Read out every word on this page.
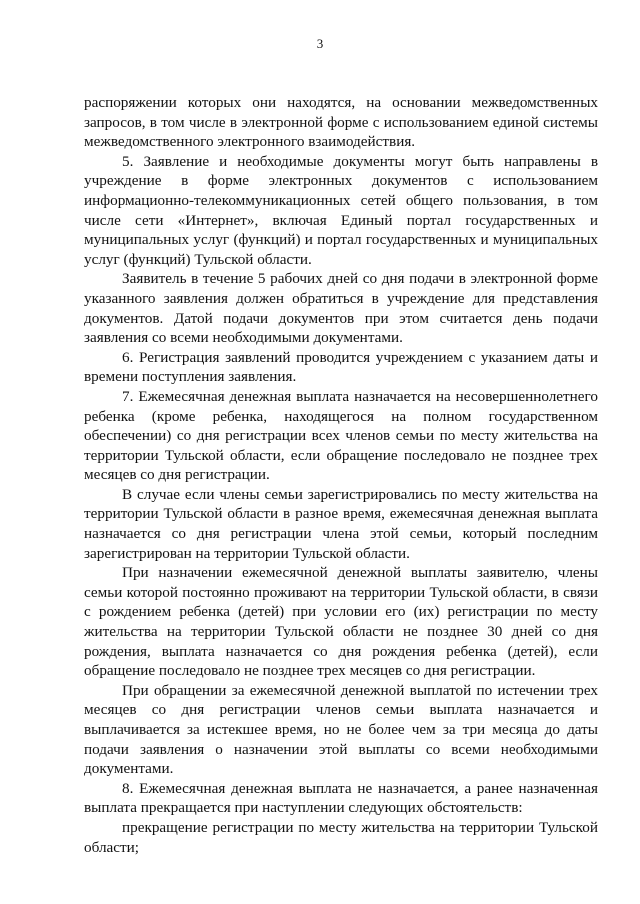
3

распоряжении которых они находятся, на основании межведомственных запросов, в том числе в электронной форме с использованием единой системы межведомственного электронного взаимодействия.

5. Заявление и необходимые документы могут быть направлены в учреждение в форме электронных документов с использованием информационно-телекоммуникационных сетей общего пользования, в том числе сети «Интернет», включая Единый портал государственных и муниципальных услуг (функций) и портал государственных и муниципальных услуг (функций) Тульской области.

Заявитель в течение 5 рабочих дней со дня подачи в электронной форме указанного заявления должен обратиться в учреждение для представления документов. Датой подачи документов при этом считается день подачи заявления со всеми необходимыми документами.

6. Регистрация заявлений проводится учреждением с указанием даты и времени поступления заявления.

7. Ежемесячная денежная выплата назначается на несовершеннолетнего ребенка (кроме ребенка, находящегося на полном государственном обеспечении) со дня регистрации всех членов семьи по месту жительства на территории Тульской области, если обращение последовало не позднее трех месяцев со дня регистрации.

В случае если члены семьи зарегистрировались по месту жительства на территории Тульской области в разное время, ежемесячная денежная выплата назначается со дня регистрации члена этой семьи, который последним зарегистрирован на территории Тульской области.

При назначении ежемесячной денежной выплаты заявителю, члены семьи которой постоянно проживают на территории Тульской области, в связи с рождением ребенка (детей) при условии его (их) регистрации по месту жительства на территории Тульской области не позднее 30 дней со дня рождения, выплата назначается со дня рождения ребенка (детей), если обращение последовало не позднее трех месяцев со дня регистрации.

При обращении за ежемесячной денежной выплатой по истечении трех месяцев со дня регистрации членов семьи выплата назначается и выплачивается за истекшее время, но не более чем за три месяца до даты подачи заявления о назначении этой выплаты со всеми необходимыми документами.

8. Ежемесячная денежная выплата не назначается, а ранее назначенная выплата прекращается при наступлении следующих обстоятельств:

прекращение регистрации по месту жительства на территории Тульской области;
